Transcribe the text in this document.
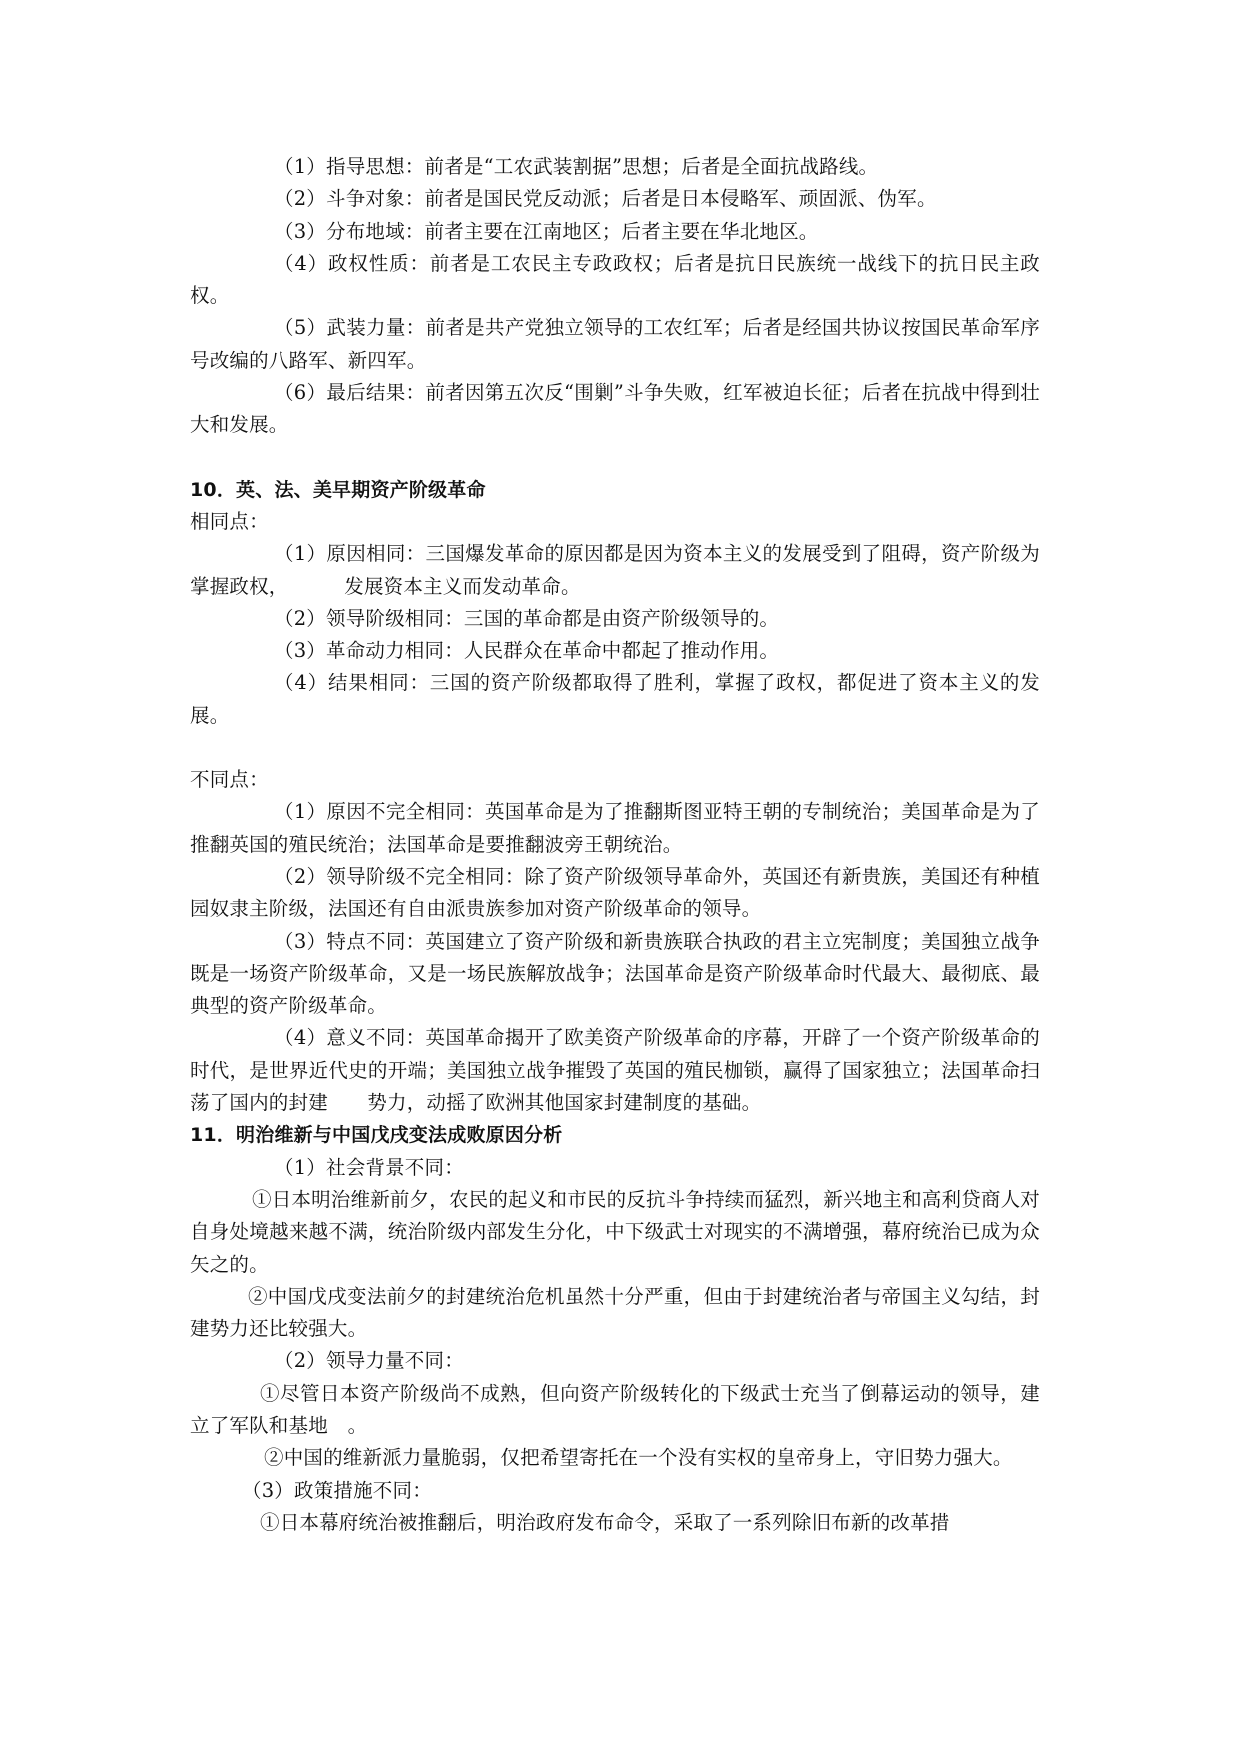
（1）指导思想：前者是“工农武装割据”思想；后者是全面抗战路线。

（2）斗争对象：前者是国民党反动派；后者是日本侵略军、顽固派、伪军。

（3）分布地域：前者主要在江南地区；后者主要在华北地区。

（4）政权性质：前者是工农民主专政政权；后者是抗日民族统一战线下的抗日民主政权。

（5）武装力量：前者是共产党独立领导的工农红军；后者是经国共协议按国民革命军序号改编的八路军、新四军。

（6）最后结果：前者因第五次反“围剿”斗争失败，红军被迫长征；后者在抗战中得到壮大和发展。

10．英、法、美早期资产阶级革命

相同点：

（1）原因相同：三国爆发革命的原因都是因为资本主义的发展受到了阻碍，资产阶级为掌握政权，　　　 发展资本主义而发动革命。

（2）领导阶级相同：三国的革命都是由资产阶级领导的。

（3）革命动力相同：人民群众在革命中都起了推动作用。

（4）结果相同：三国的资产阶级都取得了胜利，掌握了政权，都促进了资本主义的发展。

不同点：

（1）原因不完全相同：英国革命是为了推翻斯图亚特王朝的专制统治；美国革命是为了推翻英国的殖民统治；法国革命是要推翻波旁王朝统治。

（2）领导阶级不完全相同：除了资产阶级领导革命外，英国还有新贵族，美国还有种植园奴隶主阶级，法国还有自由派贵族参加对资产阶级革命的领导。

（3）特点不同：英国建立了资产阶级和新贵族联合执政的君主立宪制度；美国独立战争既是一场资产阶级革命，又是一场民族解放战争；法国革命是资产阶级革命时代最大、最彻底、最典型的资产阶级革命。

（4）意义不同：英国革命揭开了欧美资产阶级革命的序幕，开辟了一个资产阶级革命的时代，是世界近代史的开端；美国独立战争摧毁了英国的殖民枷锁，赢得了国家独立；法国革命扫荡了国内的封建　　势力，动摇了欧洲其他国家封建制度的基础。

11．明治维新与中国戊戌变法成败原因分析

（1）社会背景不同：

①日本明治维新前夕，农民的起义和市民的反抗斗争持续而猛烈，新兴地主和高利贷商人对自身处境越来越不满，统治阶级内部发生分化，中下级武士对现实的不满增强，幕府统治已成为众矢之的。

②中国戊戌变法前夕的封建统治危机虽然十分严重，但由于封建统治者与帝国主义勾结，封建势力还比较强大。

（2）领导力量不同：

①尽管日本资产阶级尚不成熟，但向资产阶级转化的下级武士充当了倒幕运动的领导，建立了军队和基地　。

②中国的维新派力量脆弱，仅把希望寄托在一个没有实权的皇帝身上，守旧势力强大。

（3）政策措施不同：

①日本幕府统治被推翻后，明治政府发布命令，采取了一系列除旧布新的改革措
